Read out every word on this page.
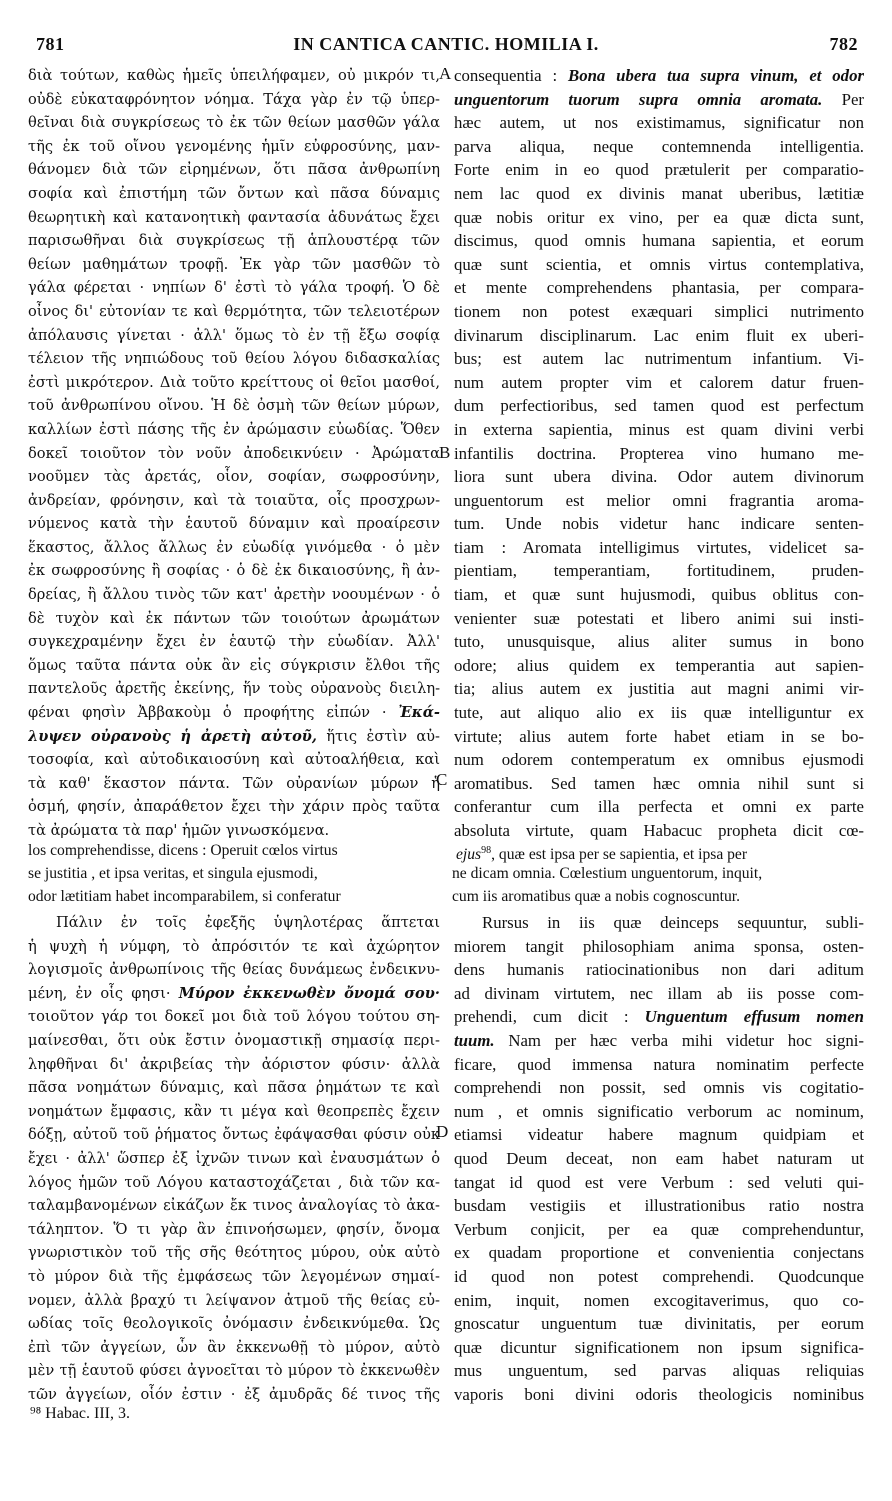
781	IN CANTICA CANTIC. HOMILIA I.	782
διὰ τούτων, καθὼς ἡμεῖς ὑπειλήφαμεν, οὐ μικρόν τι,
οὐδὲ εὐκαταφρόνητον νόημα. Τάχα γὰρ ἐν τῷ ὑπερ-
θεῖναι διὰ συγκρίσεως τὸ ἐκ τῶν θείων μασθῶν γάλα
τῆς ἐκ τοῦ οἴνου γενομένης ἡμῖν εὐφροσύνης, μαν-
θάνομεν διὰ τῶν εἰρημένων, ὅτι πᾶσα ἀνθρωπίνη
σοφία καὶ ἐπιστήμη τῶν ὄντων καὶ πᾶσα δύναμις
θεωρητικὴ καὶ κατανοητικὴ φαντασία ἀδυνάτως ἔχει
παρισωθῆναι διὰ συγκρίσεως τῇ ἁπλουστέρᾳ τῶν
θείων μαθημάτων τροφῇ. Ἐκ γὰρ τῶν μασθῶν τὸ
γάλα φέρεται · νηπίων δ' ἐστὶ τὸ γάλα τροφή. Ὁ δὲ
οἶνος δι' εὐτονίαν τε καὶ θερμότητα, τῶν τελειοτέρων
ἀπόλαυσις γίνεται · ἀλλ' ὅμως τὸ ἐν τῇ ἔξω σοφίᾳ
τέλειον τῆς νηπιώδους τοῦ θείου λόγου διδασκαλίας
ἐστὶ μικρότερον. Διὰ τοῦτο κρείττους οἱ θεῖοι μασθοί,
τοῦ ἀνθρωπίνου οἴνου. Ἡ δὲ ὀσμὴ τῶν θείων μύρων,
καλλίων ἐστὶ πάσης τῆς ἐν ἀρώμασιν εὐωδίας. Ὅθεν
δοκεῖ τοιοῦτον τὸν νοῦν ἀποδεικνύειν · Ἀρώματα
νοοῦμεν τὰς ἀρετάς, οἷον, σοφίαν, σωφροσύνην,
ἀνδρείαν, φρόνησιν, καὶ τὰ τοιαῦτα, οἷς προσχρων-
νύμενος κατὰ τὴν ἑαυτοῦ δύναμιν καὶ προαίρεσιν
ἕκαστος, ἄλλος ἄλλως ἐν εὐωδίᾳ γινόμεθα · ὁ μὲν
ἐκ σωφροσύνης ἢ σοφίας · ὁ δὲ ἐκ δικαιοσύνης, ἢ ἀν-
δρείας, ἢ ἄλλου τινὸς τῶν κατ' ἀρετὴν νοουμένων · ὁ
δὲ τυχὸν καὶ ἐκ πάντων τῶν τοιούτων ἀρωμάτων
συγκεχραμένην ἔχει ἐν ἑαυτῷ τὴν εὐωδίαν. Ἀλλ'
ὅμως ταῦτα πάντα οὐκ ἂν εἰς σύγκρισιν ἔλθοι τῆς
παντελοῦς ἀρετῆς ἐκείνης, ἥν τοὺς οὐρανοὺς διειλη-
φέναι φησὶν Ἀββακοὺμ ὁ προφήτης εἰπών · Ἐκά-
λυψεν οὐρανοὺς ἡ ἀρετὴ αὐτοῦ, ἥτις ἐστὶν αὐ-
τοσοφία, καὶ αὐτοδικαιοσύνη καὶ αὐτοαλήθεια, καὶ
τὰ καθ' ἕκαστον πάντα. Τῶν οὐρανίων μύρων ἡ
ὀσμή, φησίν, ἀπαράθετον ἔχει τὴν χάριν πρὸς ταῦτα
τὰ ἀρώματα τὰ παρ' ἡμῶν γινωσκόμενα.
consequentia : Bona ubera tua supra vinum, et odor
unguentorum tuorum supra omnia aromata. Per
hæc autem, ut nos existimamus, significatur non
parva aliqua, neque contemnenda intelligentia.
Forte enim in eo quod prætulerit per comparatio-
nem lac quod ex divinis manat uberibus, lætitiæ
quæ nobis oritur ex vino, per ea quæ dicta sunt,
discimus, quod omnis humana sapientia, et eorum
quæ sunt scientia, et omnis virtus contemplativa,
et mente comprehendens phantasia, per compara-
tionem non potest exæquari simplici nutrimento
divinarum disciplinarum. Lac enim fluit ex uberi-
bus; est autem lac nutrimentum infantium. Vi-
num autem propter vim et calorem datur fruen-
dum perfectioribus, sed tamen quod est perfectum
in externa sapientia, minus est quam divini verbi
infantilis doctrina. Propterea vino humano me-
liora sunt ubera divina. Odor autem divinorum
unguentorum est melior omni fragrantia aroma-
tum. Unde nobis videtur hanc indicare senten-
tiam : Aromata intelligimus virtutes, videlicet sa-
pientiam, temperantiam, fortitudinem, pruden-
tiam, et quæ sunt hujusmodi, quibus oblitus con-
venienter suæ potestati et libero animi sui insti-
tuto, unusquisque, alius aliter sumus in bono
odore; alius quidem ex temperantia aut sapien-
tia; alius autem ex justitia aut magni animi vir-
tute, aut aliquo alio ex iis quæ intelliguntur ex
virtute; alius autem forte habet etiam in se bo-
num odorem contemperatum ex omnibus ejusmodi
aromatibus. Sed tamen hæc omnia nihil sunt si
conferantur cum illa perfecta et omni ex parte
absoluta virtute, quam Habacuc propheta dicit cœ-
A
B
C
D
los comprehendisse, dicens : Operuit cœlos virtus	ejus$^{98}$, quæ est ipsa per se sapientia, et ipsa per
se justitia , et ipsa veritas, et singula ejusmodi,	ne dicam omnia. Cœlestium unguentorum, inquit,
odor lætitiam habet incomparabilem, si conferatur	cum iis aromatibus quæ a nobis cognoscuntur.
Πάλιν ἐν τοῖς ἐφεξῆς ὑψηλοτέρας ἅπτεται
ἡ ψυχὴ ἡ νύμφη, τὸ ἀπρόσιτόν τε καὶ ἀχώρητον
λογισμοῖς ἀνθρωπίνοις τῆς θείας δυνάμεως ἐνδεικνυ-
μένη, ἐν οἷς φησι· Μύρον ἐκκενωθὲν ὄνομά σου·
τοιοῦτον γάρ τοι δοκεῖ μοι διὰ τοῦ λόγου τούτου ση-
μαίνεσθαι, ὅτι οὐκ ἔστιν ὀνομαστικῇ σημασίᾳ περι-
ληφθῆναι δι' ἀκριβείας τὴν ἀόριστον φύσιν· ἀλλὰ
πᾶσα νοημάτων δύναμις, καὶ πᾶσα ῥημάτων τε καὶ
νοημάτων ἔμφασις, κἂν τι μέγα καὶ θεοπρεπὲς ἔχειν
δόξῃ, αὐτοῦ τοῦ ῥήματος ὄντως ἐφάψασθαι φύσιν οὐκ
ἔχει · ἀλλ' ὥσπερ ἐξ ἰχνῶν τινων καὶ ἐναυσμάτων ὁ
λόγος ἡμῶν τοῦ Λόγου καταστοχάζεται , διὰ τῶν κα-
ταλαμβανομένων εἰκάζων ἔκ τινος ἀναλογίας τὸ ἀκα-
τάληπτον. Ὅ τι γὰρ ἂν ἐπινοήσωμεν, φησίν, ὄνομα
γνωριστικὸν τοῦ τῆς σῆς θεότητος μύρου, οὐκ αὐτὸ
τὸ μύρον διὰ τῆς ἐμφάσεως τῶν λεγομένων σημαί-
νομεν, ἀλλὰ βραχύ τι λείψανον ἀτμοῦ τῆς θείας εὐ-
ωδίας τοῖς θεολογικοῖς ὀνόμασιν ἐνδεικνύμεθα. Ὡς
ἐπὶ τῶν ἀγγείων, ὧν ἂν ἐκκενωθῇ τὸ μύρον, αὐτὸ
μὲν τῇ ἑαυτοῦ φύσει ἀγνοεῖται τὸ μύρον τὸ ἐκκενωθὲν
τῶν ἀγγείων, οἷόν ἐστιν · ἐξ ἀμυδρᾶς δέ τινος τῆς
Rursus in iis quæ deinceps sequuntur, subli-
miorem tangit philosophiam anima sponsa, osten-
dens humanis ratiocinationibus non dari aditum
ad divinam virtutem, nec illam ab iis posse com-
prehendi, cum dicit : Unguentum effusum nomen
tuum. Nam per hæc verba mihi videtur hoc signi-
ficare, quod immensa natura nominatim perfecte
comprehendi non possit, sed omnis vis cogitatio-
num , et omnis significatio verborum ac nominum,
etiamsi videatur habere magnum quidpiam et
quod Deum deceat, non eam habet naturam ut
tangat id quod est vere Verbum : sed veluti qui-
busdam vestigiis et illustrationibus ratio nostra
Verbum conjicit, per ea quæ comprehenduntur,
ex quadam proportione et convenientia conjectans
id quod non potest comprehendi. Quodcunque
enim, inquit, nomen excogitaverimus, quo co-
gnoscatur unguentum tuæ divinitatis, per eorum
quæ dicuntur significationem non ipsum significa-
mus unguentum, sed parvas aliquas reliquias
vaporis boni divini odoris theologicis nominibus
⁹⁸ Habac. III, 3.
